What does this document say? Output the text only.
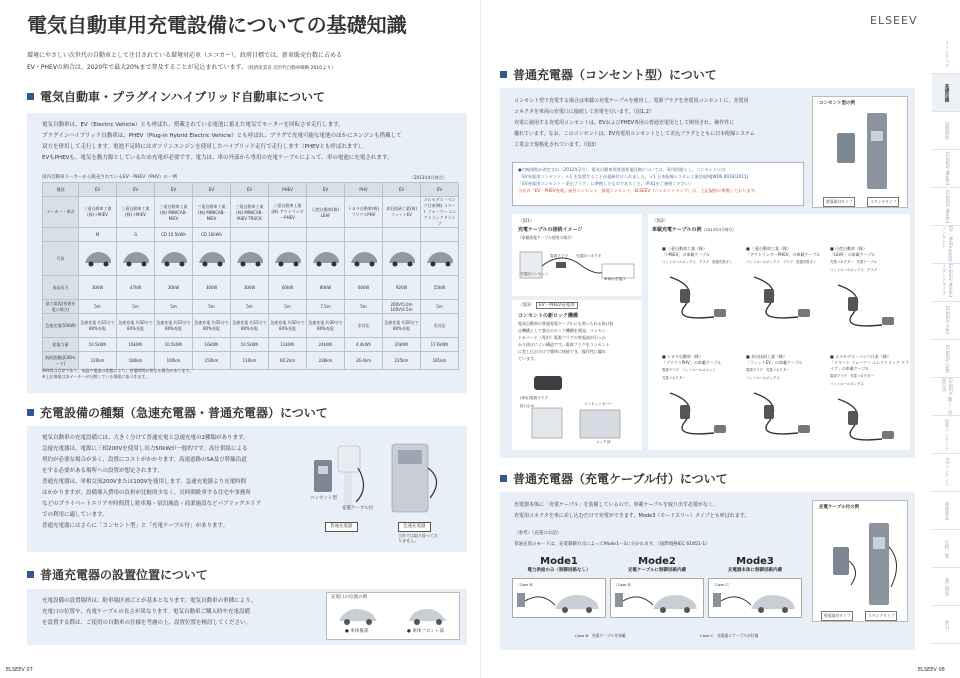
電気自動車用充電設備についての基礎知識	ELSEEV
環境にやさしい次世代の自動車として注目されている環境対応車（エコカー）。政府目標では、新車販売台数に占める
EV・PHEVの割合は、2020年で最大20%まで普及することが見込まれています。（経済産業省 次世代自動車戦略 2010より）
電気自動車・プラグインハイブリッド自動車について
電気自動車は、EV（Electric Vehicle）とも呼ばれ、搭載されている電池に蓄えた電気でモーターを回転させ走行します。
プラグインハイブリッド自動車は、PHEV（Plug-in Hybrid Electric Vehicle）とも呼ばれ、プラグで充電可能な電池のほかにエンジンも搭載して
双方を併用して走行します。電池不足時にはガソリンエンジンを使用したハイブリッド走行で走行します（PHEVとも呼ばれます）。
EVもPHEVも、電気を動力源としているため充電が必要です。電力は、車の外部から専用の充電ケーブルによって、車の電池に充電されます。
国内自動車メーカーから販売されているEV・PHEV（PHV）の一例	（2013年4月時点）
種別	EV	EV	EV	EV	EV	PHEV	EV	PHV	EV	EV
メーカー・車名	三菱自動車工業(株) i-MiEV	三菱自動車工業(株) i-MiEV	三菱自動車工業(株) MINICAB-MiEV	三菱自動車工業(株) MINICAB-MiEV	三菱自動車工業(株) MINICAB-MiEV TRUCK	三菱自動車工業(株) アウトランダーPHEV	日産自動車(株) LEAF	トヨタ自動車(株) プリウスPHV	本田技研工業(株) フィットEV	メルセデス・ベンツ日本(株) スマート フォーツー エレクトリックドライブ
	M	G	CD 10.5kWh	CD 16kWh						
写真										
最高出力	30kW	47kW	30kW	30kW	30kW	60kW	80kW	60kW	92kW	55kW
最大電流(普通充電の場合)	5m	5m	5m	5m	5m	5m	7.5m	5m	200V/5.0m 100V/4.5m	5m
急速充電(50kW)	急速充電 約15分で80%充電	急速充電 約30分で80%充電	急速充電 約15分で80%充電	急速充電 約35分で80%充電	急速充電 約15分で80%充電	急速充電 約30分で80%充電	急速充電 約30分で80%充電	非対応	急速充電 約20分で80%充電	非対応
総電力量	10.5kWh	16kWh	10.5kWh	16kWh	10.5kWh	12kWh	24kWh	4.4kWh	20kWh	17.6kWh
航続距離(JC08モード)	120km	180km	100km	150km	110km	60.2km	228km	26.4km	225km	181km
※時間は目安であり、気温や電池の状態により、充電時間が異なる場合があります。
※上記情報は各メーカーが公開している情報に基づきます。
充電設備の種類（急速充電器・普通充電器）について
電気自動車の充電設備には、大きく分けて普通充電と急速充電の2種類があります。
急速充電器は、電源に三相200Vを使用し出力50kWが一般的です。高圧供給による
契約が必要な場合が多く、設置にコストがかかります。高速道路のSA及び幹線沿道
をする必要がある場所への設置が想定されます。
普通充電器は、単相交流200Vまたは100Vを使用します。急速充電器より充電時間
はかかりますが、設備導入費用の負担が比較的少なく、長時間駐車する住宅や事務所
などのプライベートエリアや時間貸し駐車場・宿泊施設・商業施設などパブリックエリア
での利用に適しています。
普通充電器にはさらに「コンセント型」と「充電ケーブル付」があります。
コンセント型
充電ケーブル付
普通充電器	急速充電器
当社では取り扱っておりません。
普通充電器の設置位置について
充電設備の設置場所は、駐車場区画ごとが基本となります。電気自動車の車種により、
充電口の位置や、充電ケーブルの長さが異なります。電気自動車ご購入時や充電設備
を設置する際は、ご使用の自動車の仕様を考慮の上、設置位置を検討してください。
充電口の位置の例
● 車体後部	● 車体フロント部
ELSEEV 07	ELSEEV 08
普通充電器（コンセント型）について
コンセント型で充電する場合は車載の充電ケーブルを使用し、電源プラグを充電用コンセントに、充電用
コネクタを車両の充電口に接続して充電を行います。（図1,2）
充電に使用する充電用コンセントは、EVおよびPHEV専用の普通充電用として開発され、操作性に
優れています。なお、このコンセントは、EV充電用コンセントとして差込プラグとともに日本配線システム
工業会で規格化されています。（図3）
●内線規程が改定され（2012年2月）、電気自動車用普通充電回路については、専用回路とし、コンセントには
「EV充電用コンセント」＊1 を設置することが義務付けられました。＊1 日本配線システム工業会規格JWDS 0033(2011)
「EV充電用コンセント・差込プラグ」に準拠したものであること。（P.41をご参照ください）
当社の「EV・PHEV充電」屋外コンセント、接地コンセント、ELSEEV（コンセントタイプ）は、上記規格に準拠しております。
コンセント型の例
壁面取付タイプ	スタンドタイプ
〈図1〉
充電ケーブルの接続イメージ
（車載充電ケーブル使用の場合）
充電用コンセント
電源プラグ 充電用コネクタ
車両の充電口
〈図3〉 EV・PHEV充電用
コンセントの新ロック機構
電気自動車の普通充電ケーブルにも用いられる抜け防
止機構として独自のロック機構を開発。コンセン
トカバーと（専用）電源プラグの突起部が引っか
かり抜けにくい構造です。電源プラグをコンセント
に差し込むだけで簡単に接続でき、操作性に優れ
ています。
(専用)電源プラグ
抜け止め	コンセントカバー
ロック部
〈図2〉
車載充電ケーブルの例（2013年3月時点）
普通充電器（充電ケーブル付）について
充電器本体に「充電ケーブル」を装備しているので、車載ケーブルを取り出す必要がなく、
充電用コネクタを車に差し込むだけで充電ができます。Mode3（モードスリー）タイプとも呼ばれます。
〈参考〉（充電のお話）
普通充電のモードは、充電制御方式によってMode1～3に分かれます。（国際規格IEC 61851-1）
Mode1
電力供給のみ（制御回路なし）
〔Case B〕
Mode2
充電ケーブルに制御回路内蔵
〔Case B〕
Mode3
充電器本体に制御回路内蔵
〔Case C〕
Case B：充電ケーブルを車載	Case C：充電器にケーブルが付属
充電ケーブル付の例
壁面取付タイプ	スタンドタイプ
■ 三菱自動車工業（株）
「i-MiEV」の車載ケーブル
コントロールボックス プラグ 普通充電ガン
■ 三菱自動車工業（株）
「アウトランダーPHEV」の車載ケーブル
コントロールボックス プラグ 普通充電ガン
■ 日産自動車（株）
「LEAF」の車載ケーブル
充電コネクター 充電ケーブル
コントロールボックス プラグ
■ トヨタ自動車（株）
「プリウスPHV」の車載ケーブル
電源プラグ コントロールユニット
充電コネクター
■ 本田技研工業（株）
「フィットEV」の車載ケーブル
電源プラグ 充電コネクター
コントロールボックス
■ メルセデス・ベンツ日本（株）
「スマート フォーツー エレクトリック ドライブ」の車載ケーブル
電源プラグ 充電コネクター
コントロールボックス
ラインアップ
基礎知識
設置事例
ELSEEV Mode3
ELSEEV Mode3
EV・PHEV充電用コンセント
ELSEEV Mode3 スタンドタイプ
ELSEEV mini
ELSEEV cabi
ELSEEV 施工・設置方法
屋外コンセント
EVコンセント
関連商品
仕様一覧
施工情報
索引
